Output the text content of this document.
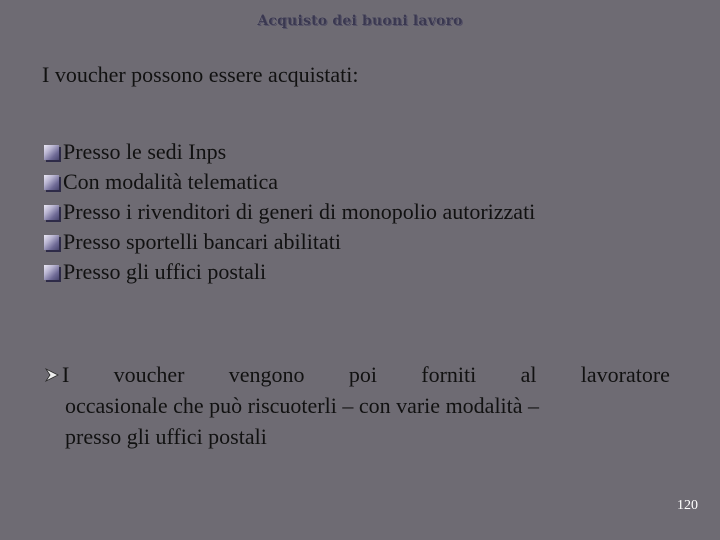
Acquisto dei buoni lavoro
I voucher possono essere acquistati:
Presso le sedi Inps
Con modalità telematica
Presso i rivenditori di generi di monopolio autorizzati
Presso sportelli bancari abilitati
Presso gli uffici postali
I voucher vengono poi forniti al lavoratore
occasionale che può riscuoterli – con varie modalità –
presso gli uffici postali
120
